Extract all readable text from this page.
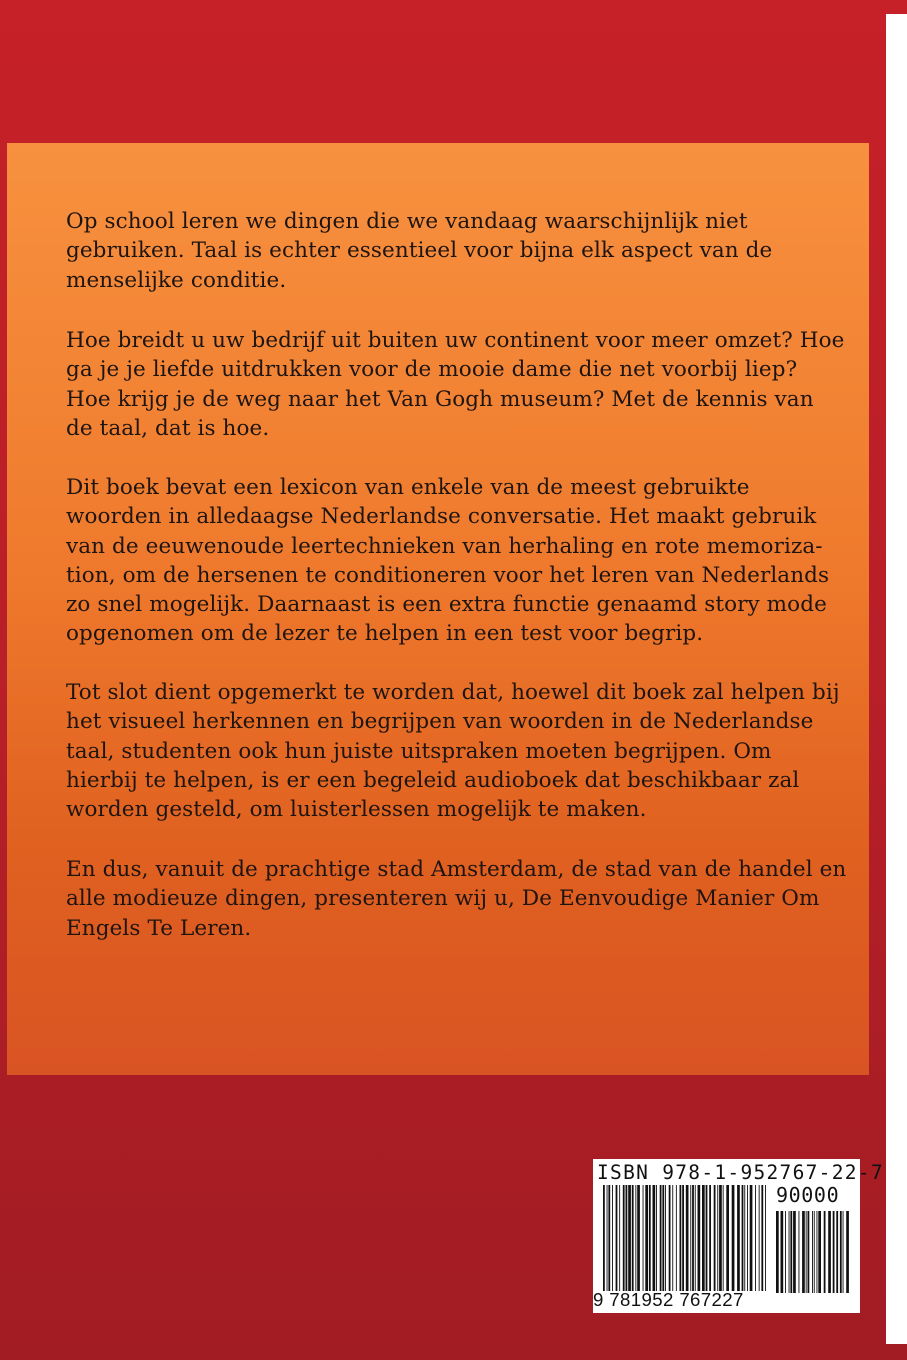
Op school leren we dingen die we vandaag waarschijnlijk niet
gebruiken. Taal is echter essentieel voor bijna elk aspect van de
menselijke conditie.

Hoe breidt u uw bedrijf uit buiten uw continent voor meer omzet? Hoe
ga je je liefde uitdrukken voor de mooie dame die net voorbij liep?
Hoe krijg je de weg naar het Van Gogh museum? Met de kennis van
de taal, dat is hoe.

Dit boek bevat een lexicon van enkele van de meest gebruikte
woorden in alledaagse Nederlandse conversatie. Het maakt gebruik
van de eeuwenoude leertechnieken van herhaling en rote memoriza-
tion, om de hersenen te conditioneren voor het leren van Nederlands
zo snel mogelijk. Daarnaast is een extra functie genaamd story mode
opgenomen om de lezer te helpen in een test voor begrip.

Tot slot dient opgemerkt te worden dat, hoewel dit boek zal helpen bij
het visueel herkennen en begrijpen van woorden in de Nederlandse
taal, studenten ook hun juiste uitspraken moeten begrijpen. Om
hierbij te helpen, is er een begeleid audioboek dat beschikbaar zal
worden gesteld, om luisterlessen mogelijk te maken.

En dus, vanuit de prachtige stad Amsterdam, de stad van de handel en
alle modieuze dingen, presenteren wij u, De Eenvoudige Manier Om
Engels Te Leren.

ISBN 978-1-952767-22-7
90000
9 781952 767227
